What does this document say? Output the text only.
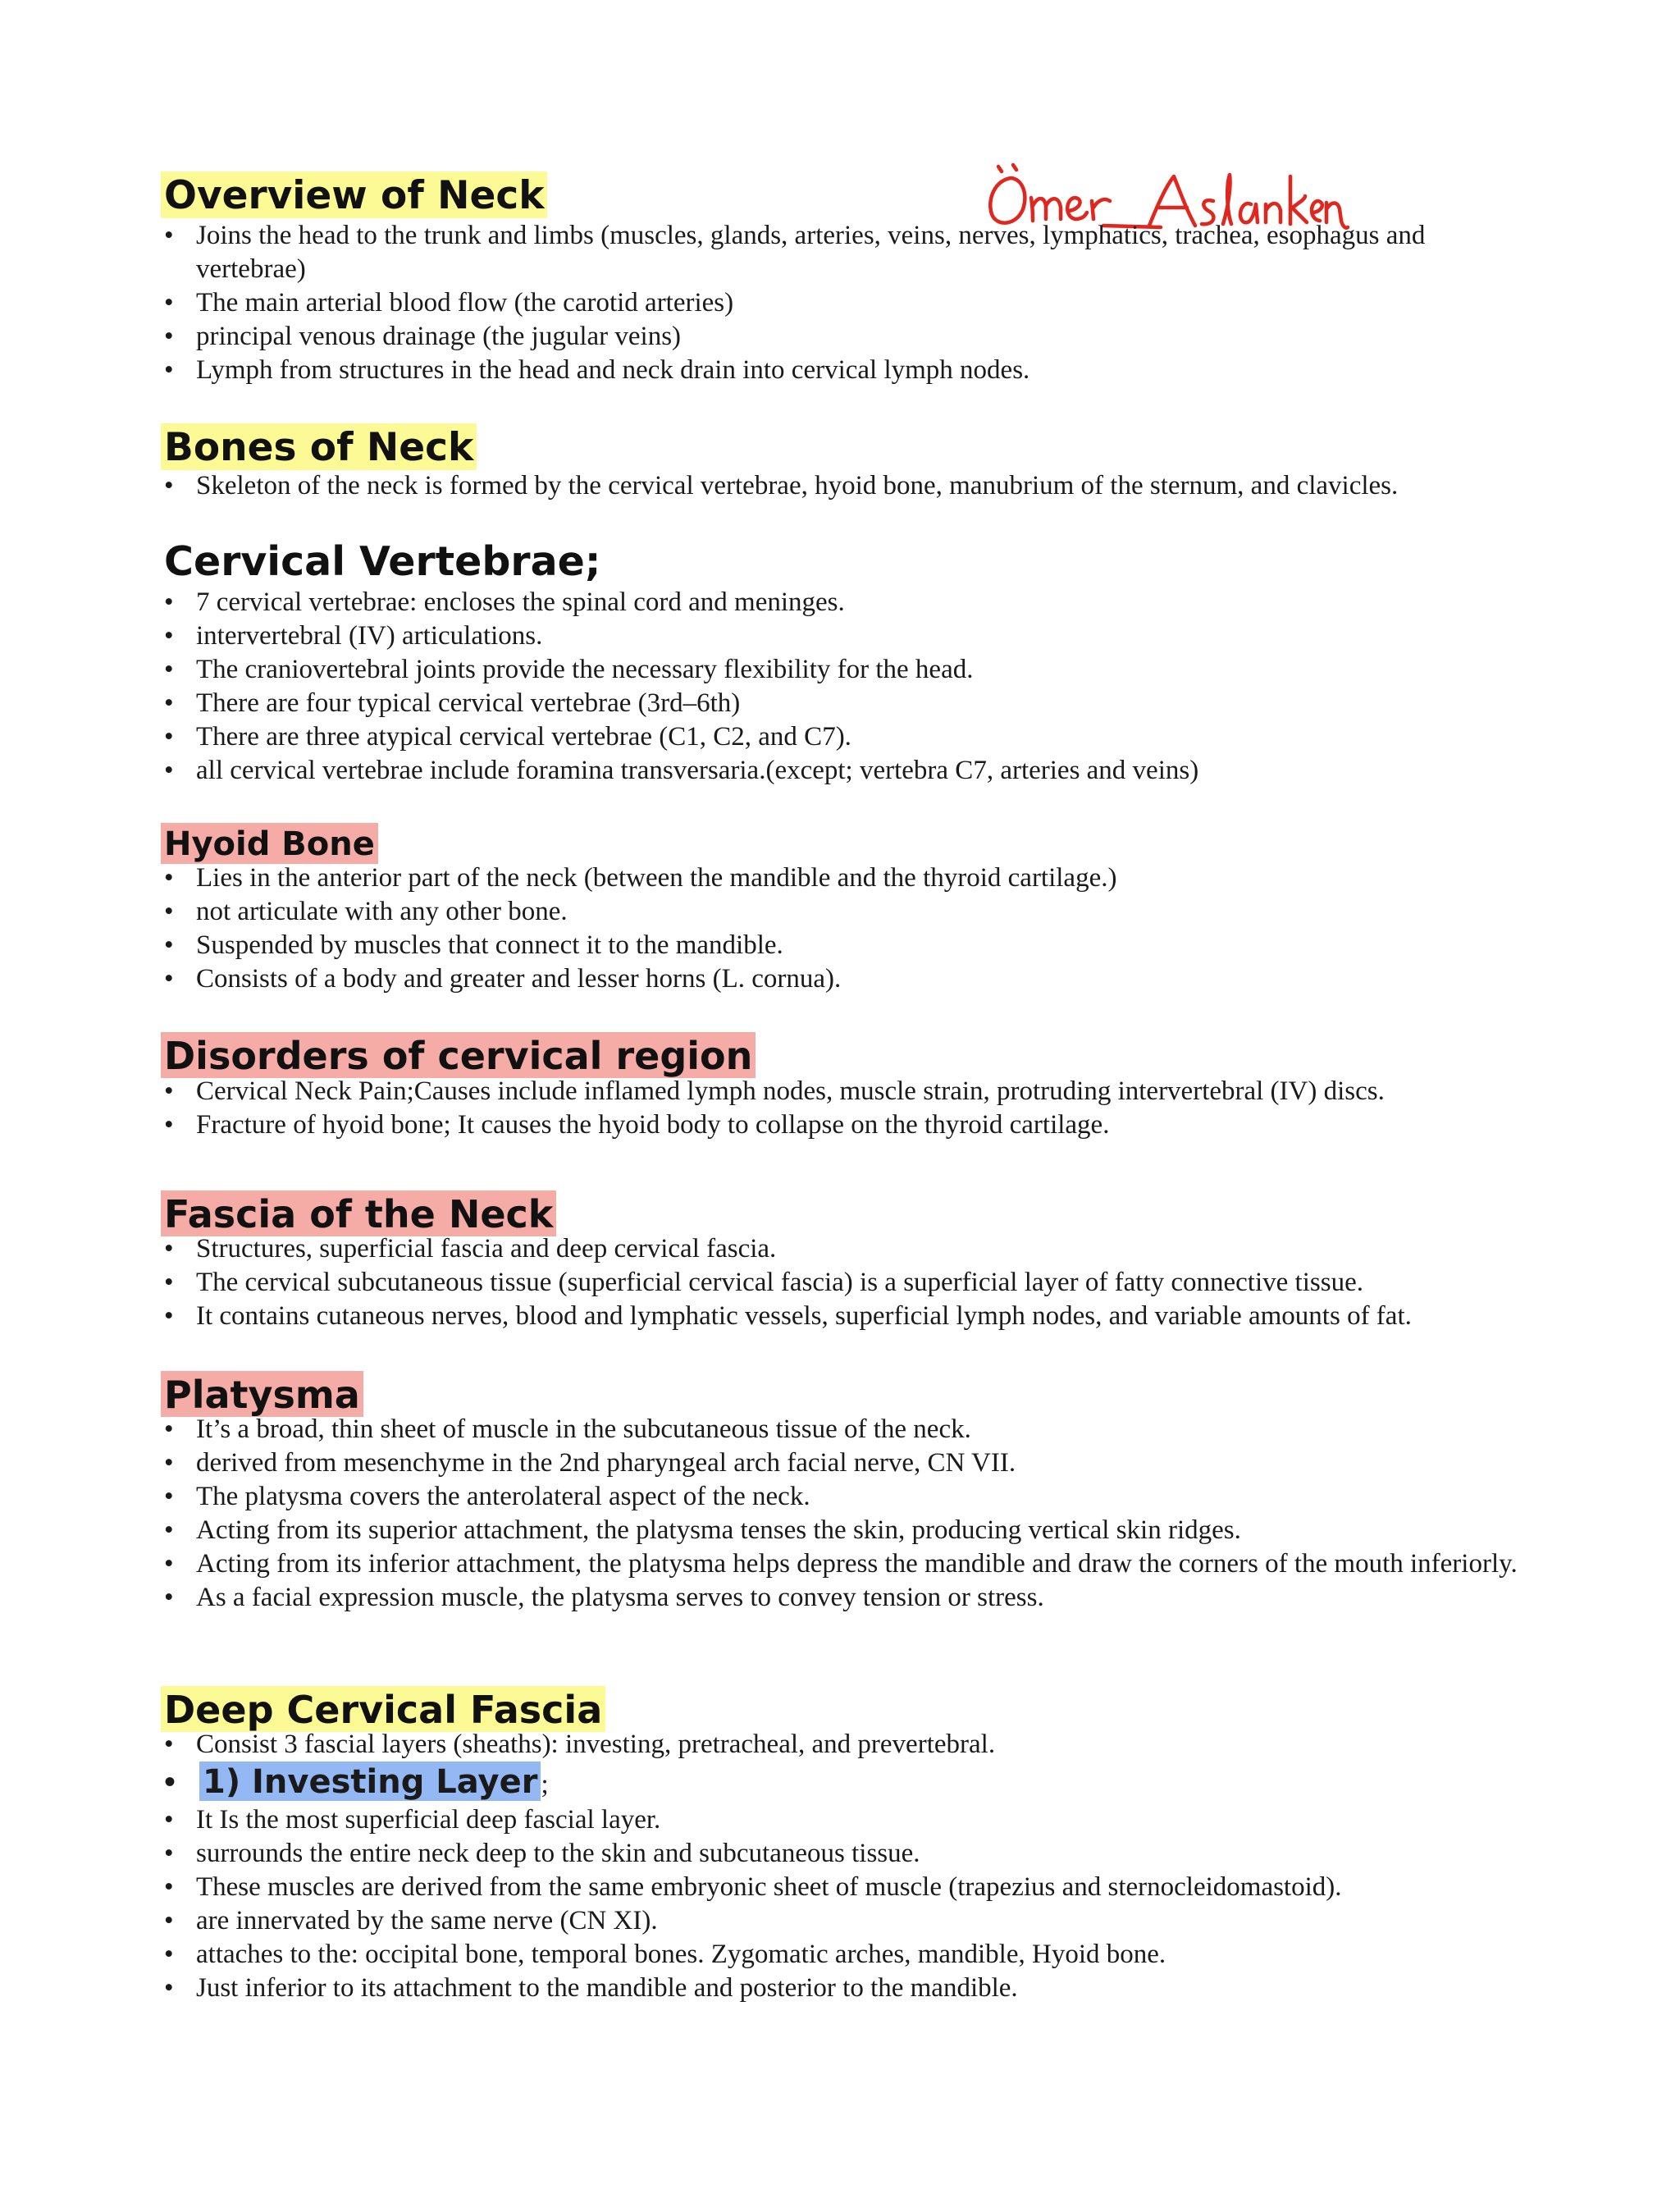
Overview of Neck
• Joins the head to the trunk and limbs (muscles, glands, arteries, veins, nerves, lymphatics, trachea, esophagus and vertebrae)
• The main arterial blood flow (the carotid arteries)
• principal venous drainage (the jugular veins)
• Lymph from structures in the head and neck drain into cervical lymph nodes.
Bones of Neck
• Skeleton of the neck is formed by the cervical vertebrae, hyoid bone, manubrium of the sternum, and clavicles.
Cervical Vertebrae;
• 7 cervical vertebrae: encloses the spinal cord and meninges.
• intervertebral (IV) articulations.
• The craniovertebral joints provide the necessary flexibility for the head.
• There are four typical cervical vertebrae (3rd–6th)
• There are three atypical cervical vertebrae (C1, C2, and C7).
• all cervical vertebrae include foramina transversaria.(except; vertebra C7, arteries and veins)
Hyoid Bone
• Lies in the anterior part of the neck (between the mandible and the thyroid cartilage.)
• not articulate with any other bone.
• Suspended by muscles that connect it to the mandible.
• Consists of a body and greater and lesser horns (L. cornua).
Disorders of cervical region
• Cervical Neck Pain;Causes include inflamed lymph nodes, muscle strain, protruding intervertebral (IV) discs.
• Fracture of hyoid bone; It causes the hyoid body to collapse on the thyroid cartilage.
Fascia of the Neck
• Structures, superficial fascia and deep cervical fascia.
• The cervical subcutaneous tissue (superficial cervical fascia) is a superficial layer of fatty connective tissue.
• It contains cutaneous nerves, blood and lymphatic vessels, superficial lymph nodes, and variable amounts of fat.
Platysma
• It’s a broad, thin sheet of muscle in the subcutaneous tissue of the neck.
• derived from mesenchyme in the 2nd pharyngeal arch facial nerve, CN VII.
• The platysma covers the anterolateral aspect of the neck.
• Acting from its superior attachment, the platysma tenses the skin, producing vertical skin ridges.
• Acting from its inferior attachment, the platysma helps depress the mandible and draw the corners of the mouth inferiorly.
• As a facial expression muscle, the platysma serves to convey tension or stress.
Deep Cervical Fascia
• Consist 3 fascial layers (sheaths): investing, pretracheal, and prevertebral.
• 1) Investing Layer ;
• It Is the most superficial deep fascial layer.
• surrounds the entire neck deep to the skin and subcutaneous tissue.
• These muscles are derived from the same embryonic sheet of muscle (trapezius and sternocleidomastoid).
• are innervated by the same nerve (CN XI).
• attaches to the: occipital bone, temporal bones. Zygomatic arches, mandible, Hyoid bone.
• Just inferior to its attachment to the mandible and posterior to the mandible.
